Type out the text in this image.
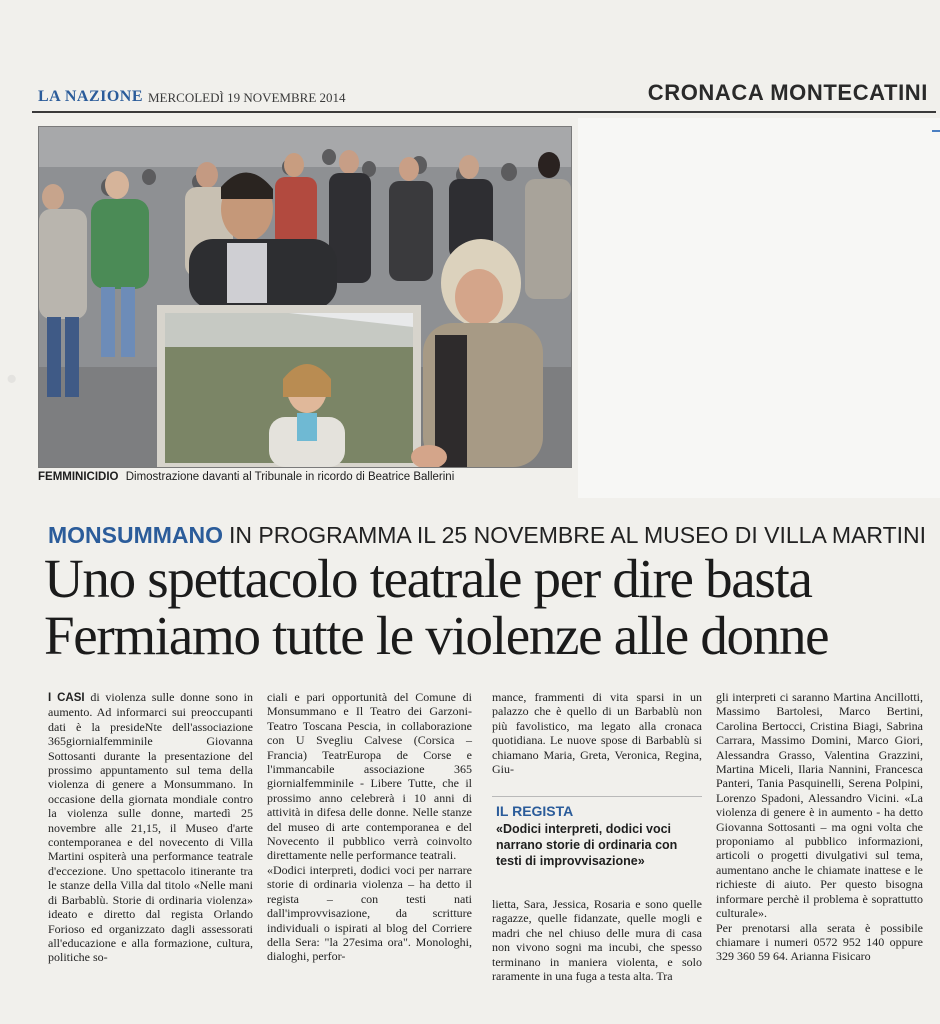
·
LA NAZIONE MERCOLEDÌ 19 NOVEMBRE 2014	CRONACA MONTECATINI
FEMMINICIDIO Dimostrazione davanti al Tribunale in ricordo di Beatrice Ballerini
MONSUMMANO IN PROGRAMMA IL 25 NOVEMBRE AL MUSEO DI VILLA MARTINI
Uno spettacolo teatrale per dire basta
Fermiamo tutte le violenze alle donne

I CASI di violenza sulle donne sono in aumento. Ad informarci sui preoccupanti dati è la presideNte dell'associazione 365giornialfemminile Giovanna Sottosanti durante la presentazione del prossimo appuntamento sul tema della violenza di genere a Monsummano. In occasione della giornata mondiale contro la violenza sulle donne, martedì 25 novembre alle 21,15, il Museo d'arte contemporanea e del novecento di Villa Martini ospiterà una performance teatrale d'eccezione. Uno spettacolo itinerante tra le stanze della Villa dal titolo «Nelle mani di Barbablù. Storie di ordinaria violenza» ideato e diretto dal regista Orlando Forioso ed organizzato dagli assessorati all'educazione e alla formazione, cultura, politiche so-

ciali e pari opportunità del Comune di Monsummano e Il Teatro dei Garzoni-Teatro Toscana Pescia, in collaborazione con U Svegliu Calvese (Corsica – Francia) TeatrEuropa de Corse e l'immancabile associazione 365 giornialfemminile - Libere Tutte, che il prossimo anno celebrerà i 10 anni di attività in difesa delle donne. Nelle stanze del museo di arte contemporanea e del Novecento il pubblico verrà coinvolto direttamente nelle performance teatrali.

«Dodici interpreti, dodici voci per narrare storie di ordinaria violenza – ha detto il regista – con testi nati dall'improvvisazione, da scritture individuali o ispirati al blog del Corriere della Sera: "la 27esima ora". Monologhi, dialoghi, perfor-

mance, frammenti di vita sparsi in un palazzo che è quello di un Barbablù non più favolistico, ma legato alla cronaca quotidiana. Le nuove spose di Barbablù si chiamano Maria, Greta, Veronica, Regina, Giu-

IL REGISTA
«Dodici interpreti, dodici voci narrano storie di ordinaria con testi di improvvisazione»

lietta, Sara, Jessica, Rosaria e sono quelle ragazze, quelle fidanzate, quelle mogli e madri che nel chiuso delle mura di casa non vivono sogni ma incubi, che spesso terminano in maniera violenta, e solo raramente in una fuga a testa alta. Tra

gli interpreti ci saranno Martina Ancillotti, Massimo Bartolesi, Marco Bertini, Carolina Bertocci, Cristina Biagi, Sabrina Carrara, Massimo Domini, Marco Giori, Alessandra Grasso, Valentina Grazzini, Martina Miceli, Ilaria Nannini, Francesca Panteri, Tania Pasquinelli, Serena Polpini, Lorenzo Spadoni, Alessandro Vicini. «La violenza di genere è in aumento - ha detto Giovanna Sottosanti – ma ogni volta che proponiamo al pubblico informazioni, articoli o progetti divulgativi sul tema, aumentano anche le chiamate inattese e le richieste di aiuto. Per questo bisogna informare perchè il problema è soprattutto culturale».

Per prenotarsi alla serata è possibile chiamare i numeri 0572 952 140 oppure 329 360 59 64. Arianna Fisicaro
